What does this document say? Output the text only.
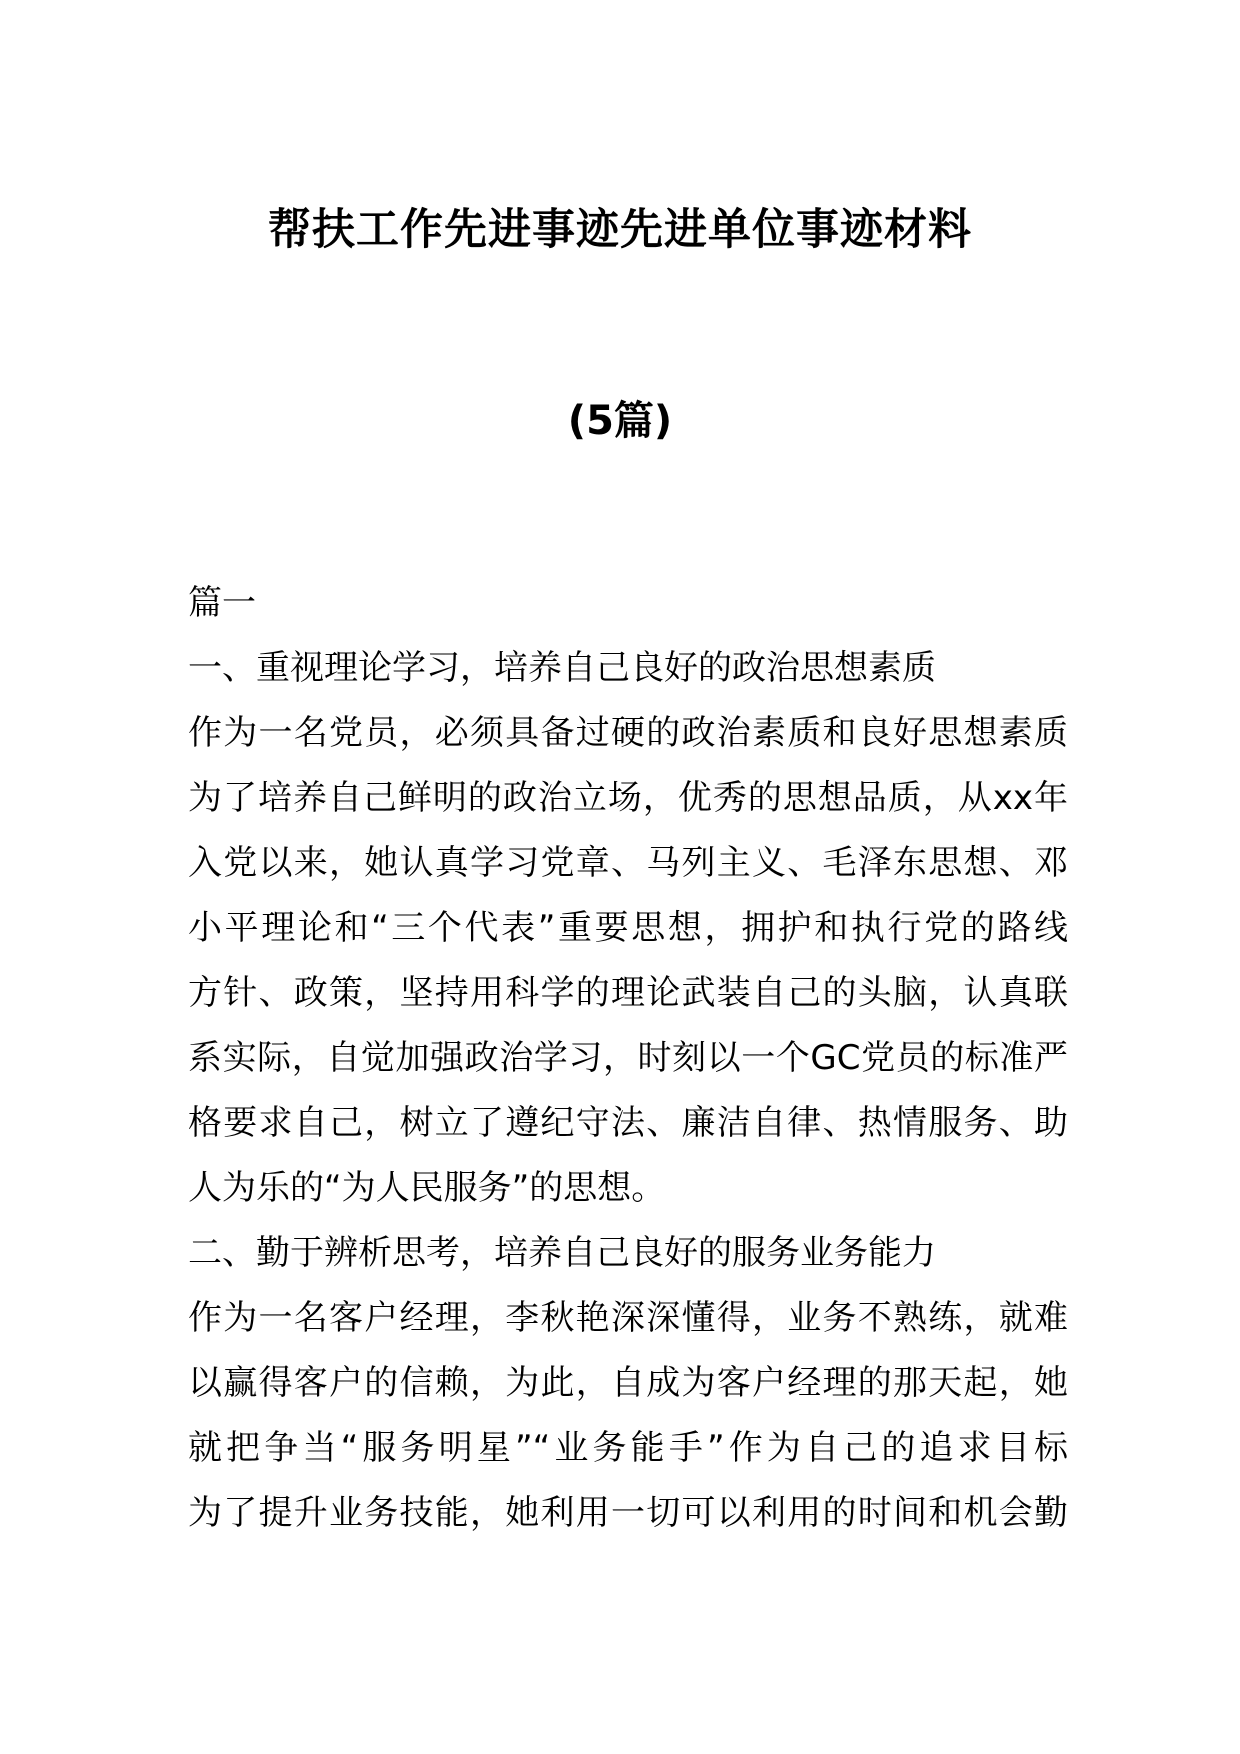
帮扶工作先进事迹先进单位事迹材料
(5篇)
篇一
一、重视理论学习，培养自己良好的政治思想素质
作为一名党员，必须具备过硬的政治素质和良好思想素质
为了培养自己鲜明的政治立场，优秀的思想品质，从xx年
入党以来，她认真学习党章、马列主义、毛泽东思想、邓
小平理论和“三个代表”重要思想，拥护和执行党的路线
方针、政策，坚持用科学的理论武装自己的头脑，认真联
系实际，自觉加强政治学习，时刻以一个GC党员的标准严
格要求自己，树立了遵纪守法、廉洁自律、热情服务、助
人为乐的“为人民服务”的思想。
二、勤于辨析思考，培养自己良好的服务业务能力
作为一名客户经理，李秋艳深深懂得，业务不熟练，就难
以赢得客户的信赖，为此，自成为客户经理的那天起，她
就把争当“服务明星”“业务能手”作为自己的追求目标
为了提升业务技能，她利用一切可以利用的时间和机会勤
